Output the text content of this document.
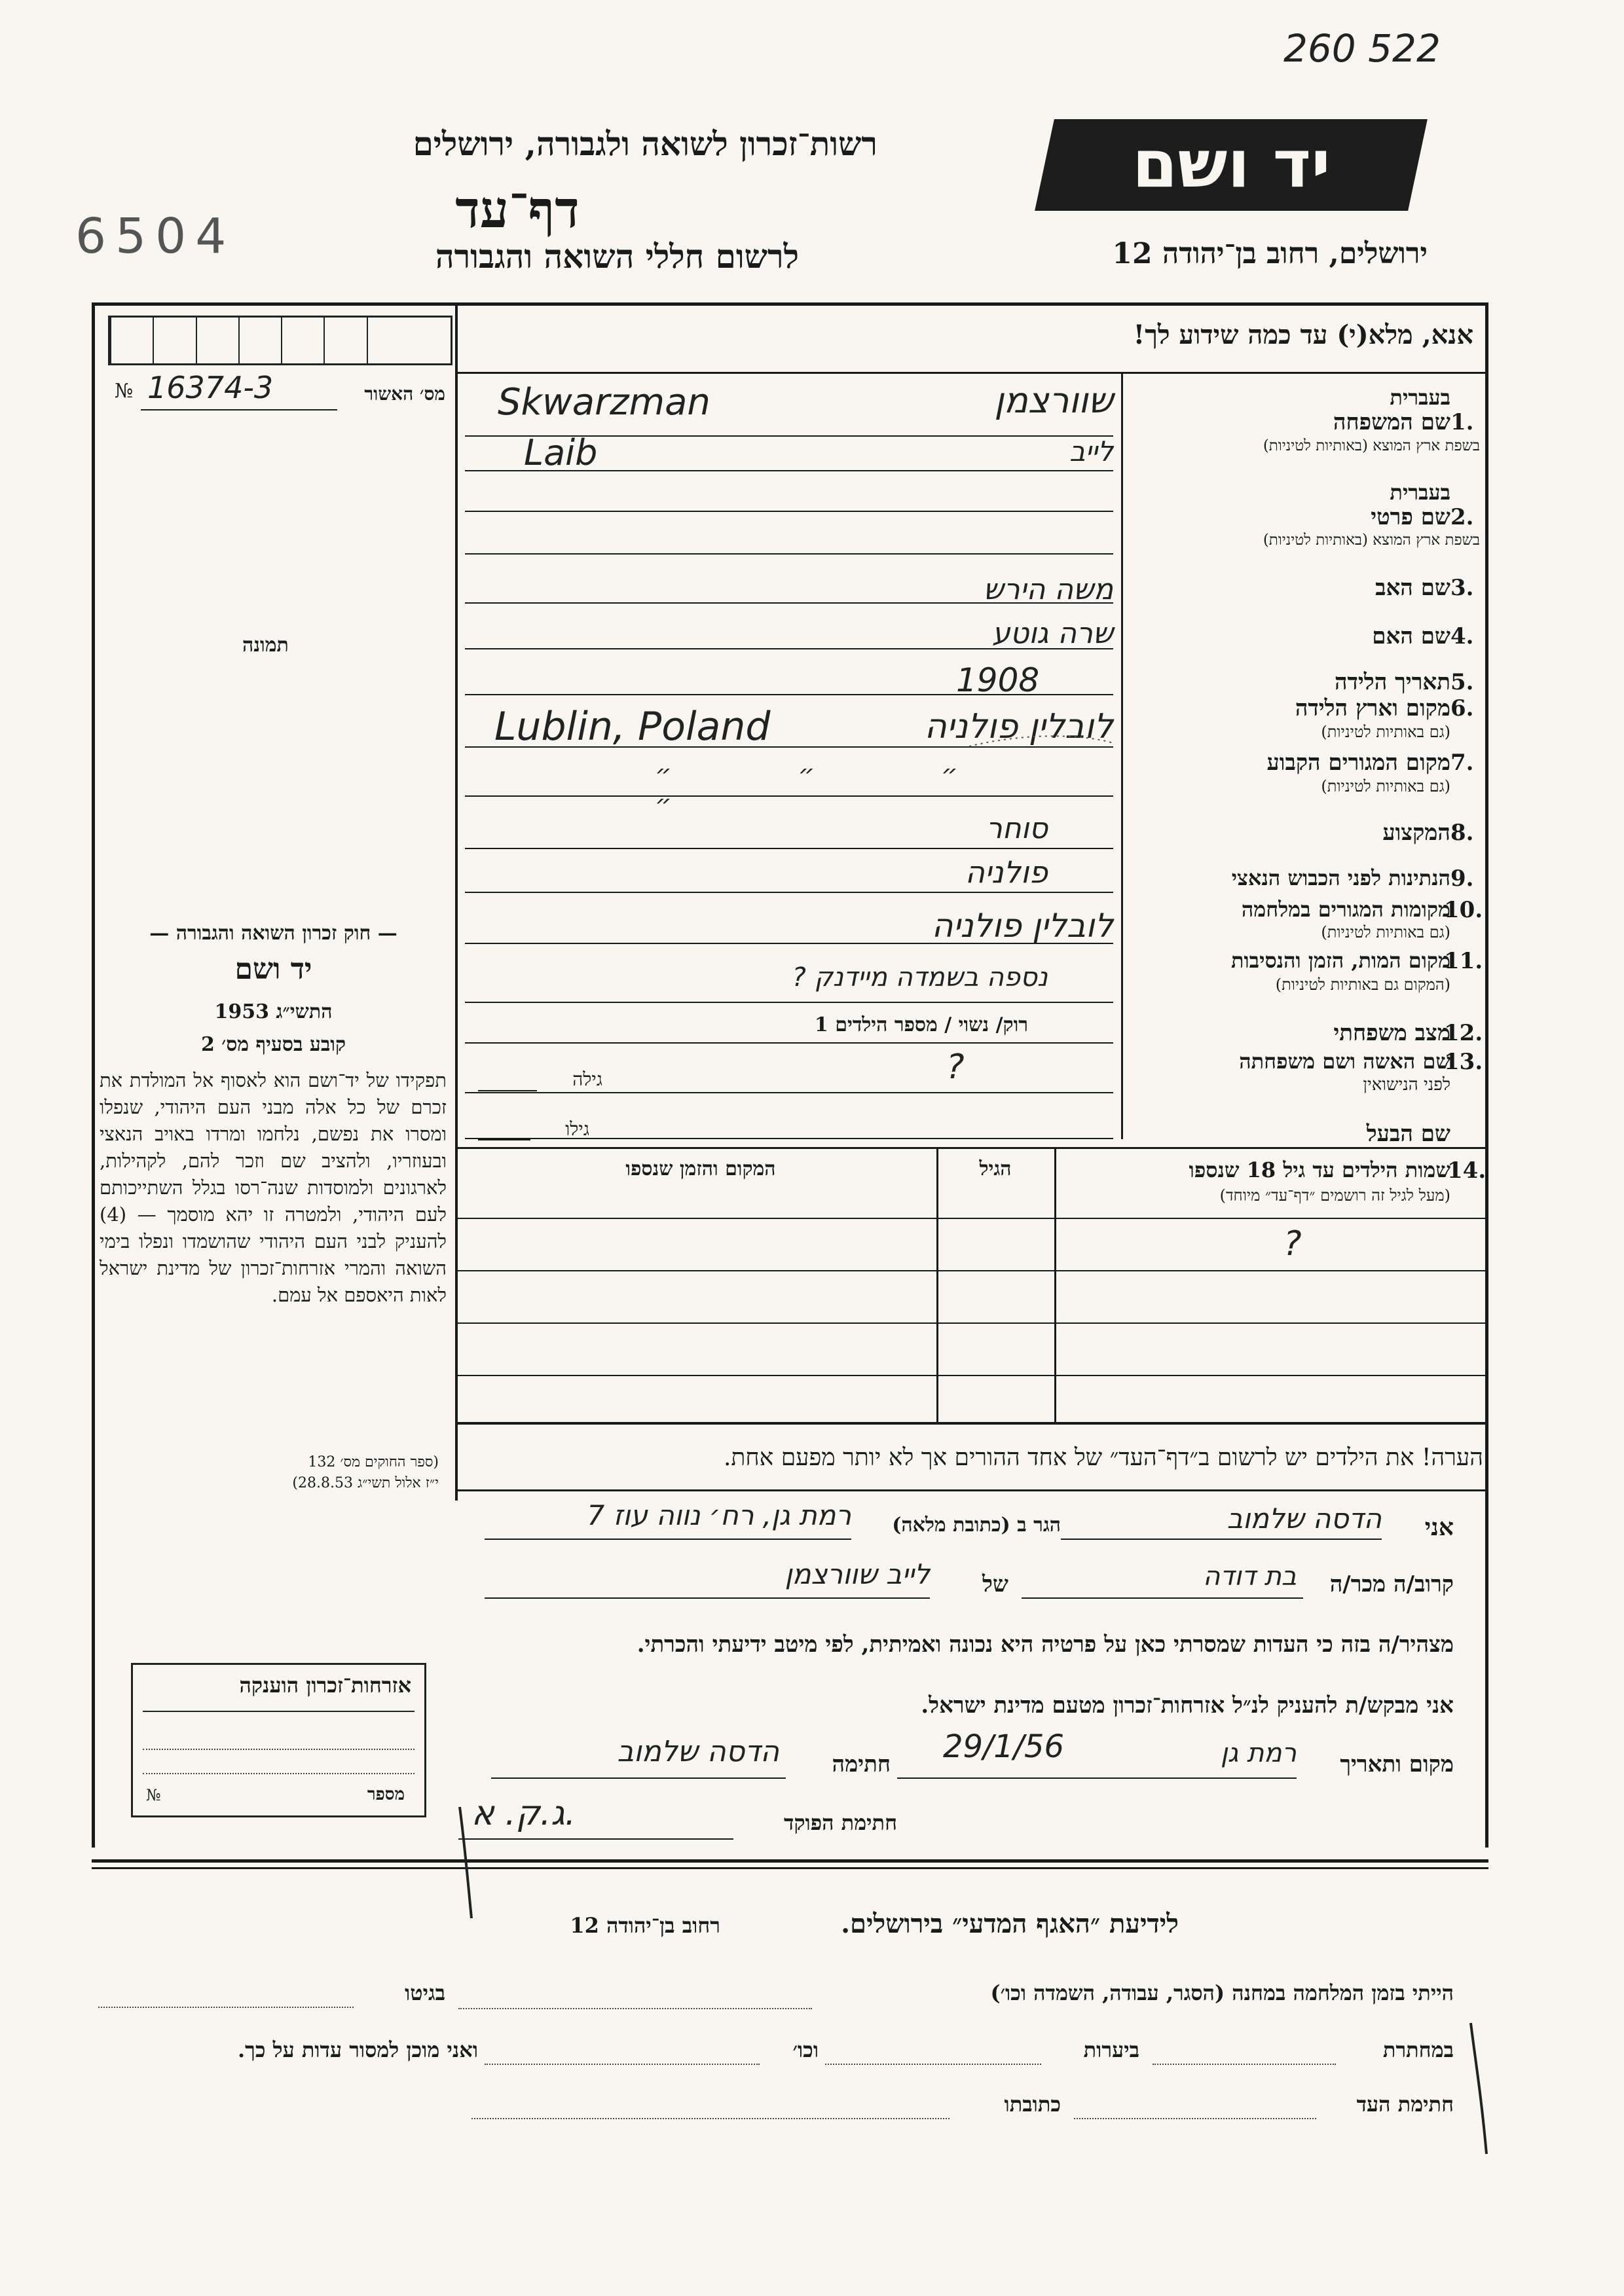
260 522
6504
רשות־זכרון לשואה ולגבורה, ירושלים
דף־עד
לרשום חללי השואה והגבורה
יד ושם
ירושלים, רחוב בן־יהודה 12
אנא, מלא(י) עד כמה שידוע לך!
№ 16374-3	מס׳ האשור
תמונה
בעברית
שם המשפחה 1.
בשפת ארץ המוצא (באותיות לטיניות)
בעברית
שם פרטי 2.
בשפת ארץ המוצא (באותיות לטיניות)
שם האב 3.
שם האם 4.
תאריך הלידה 5.
מקום וארץ הלידה 6.
(גם באותיות לטיניות)
מקום המגורים הקבוע 7.
(גם באותיות לטיניות)
המקצוע 8.
הנתינות לפני הכבוש הנאצי 9.
מקומות המגורים במלחמה
10.
(גם באותיות לטיניות)
מקום המות, הזמן והנסיבות
11.
(המקום גם באותיות לטיניות)
מצב משפחתי
12.
שם האשה ושם משפחתה
13.
לפני הנישואין
שם הבעל
שוורצמן
Skwarzman
לייב
Laib
משה הירש
שרה גוטע
1908
לובלין פולניה
Lublin, Poland
״ ״ ״ ״
סוחר
פולניה
לובלין פולניה
נספה בשמדה מיידנק ?
רוק/ נשוי / מספר הילדים 1
?
גילה
גילו
שמות הילדים עד גיל 18 שנספו
14.
(מעל לגיל זה רושמים ״דף־עד״ מיוחד)
הגיל
המקום והזמן שנספו
?
— חוק זכרון השואה והגבורה —
יד ושם
התשי״ג 1953
קובע בסעיף מס׳ 2
תפקידו של יד־ושם הוא לאסוף אל המולדת את זכרם של כל אלה מבני העם היהודי, שנפלו ומסרו את נפשם, נלחמו ומרדו באויב הנאצי ובעוזריו, ולהציב שם וזכר להם, לקהילות, לארגונים ולמוסדות שנה־רסו בגלל השתייכותם לעם היהודי, ולמטרה זו יהא מוסמך — (4) להעניק לבני העם היהודי שהושמדו ונפלו בימי השואה והמרי אזרחות־זכרון של מדינת ישראל לאות היאספם אל עמם.
(ספר החוקים מס׳ 132
י״ז אלול תשי״ג 28.8.53)
הערה! את הילדים יש לרשום ב״דף־העד״ של אחד ההורים אך לא יותר מפעם אחת.
אני
הדסה שלמוב
הגר ב (כתובת מלאה)
רמת גן, רח׳ נווה עוז 7
קרוב/ה מכר/ה
בת דודה
של
לייב שוורצמן
מצהיר/ה בזה כי העדות שמסרתי כאן על פרטיה היא נכונה ואמיתית, לפי מיטב ידיעתי והכרתי.
אני מבקש/ת להעניק לנ״ל אזרחות־זכרון מטעם מדינת ישראל.
מקום ותאריך
רמת גן
29/1/56
חתימה
הדסה שלמוב
חתימת הפוקד
ג.ק. א.
אזרחות־זכרון הוענקה
№	מספר
לידיעת ״האגף המדעי״ בירושלים.
רחוב בן־יהודה 12
הייתי בזמן המלחמה במחנה (הסגר, עבודה, השמדה וכו׳)
בגיטו
במחתרת
ביערות
וכו׳
ואני מוכן למסור עדות על כך.
חתימת העד
כתובתו
